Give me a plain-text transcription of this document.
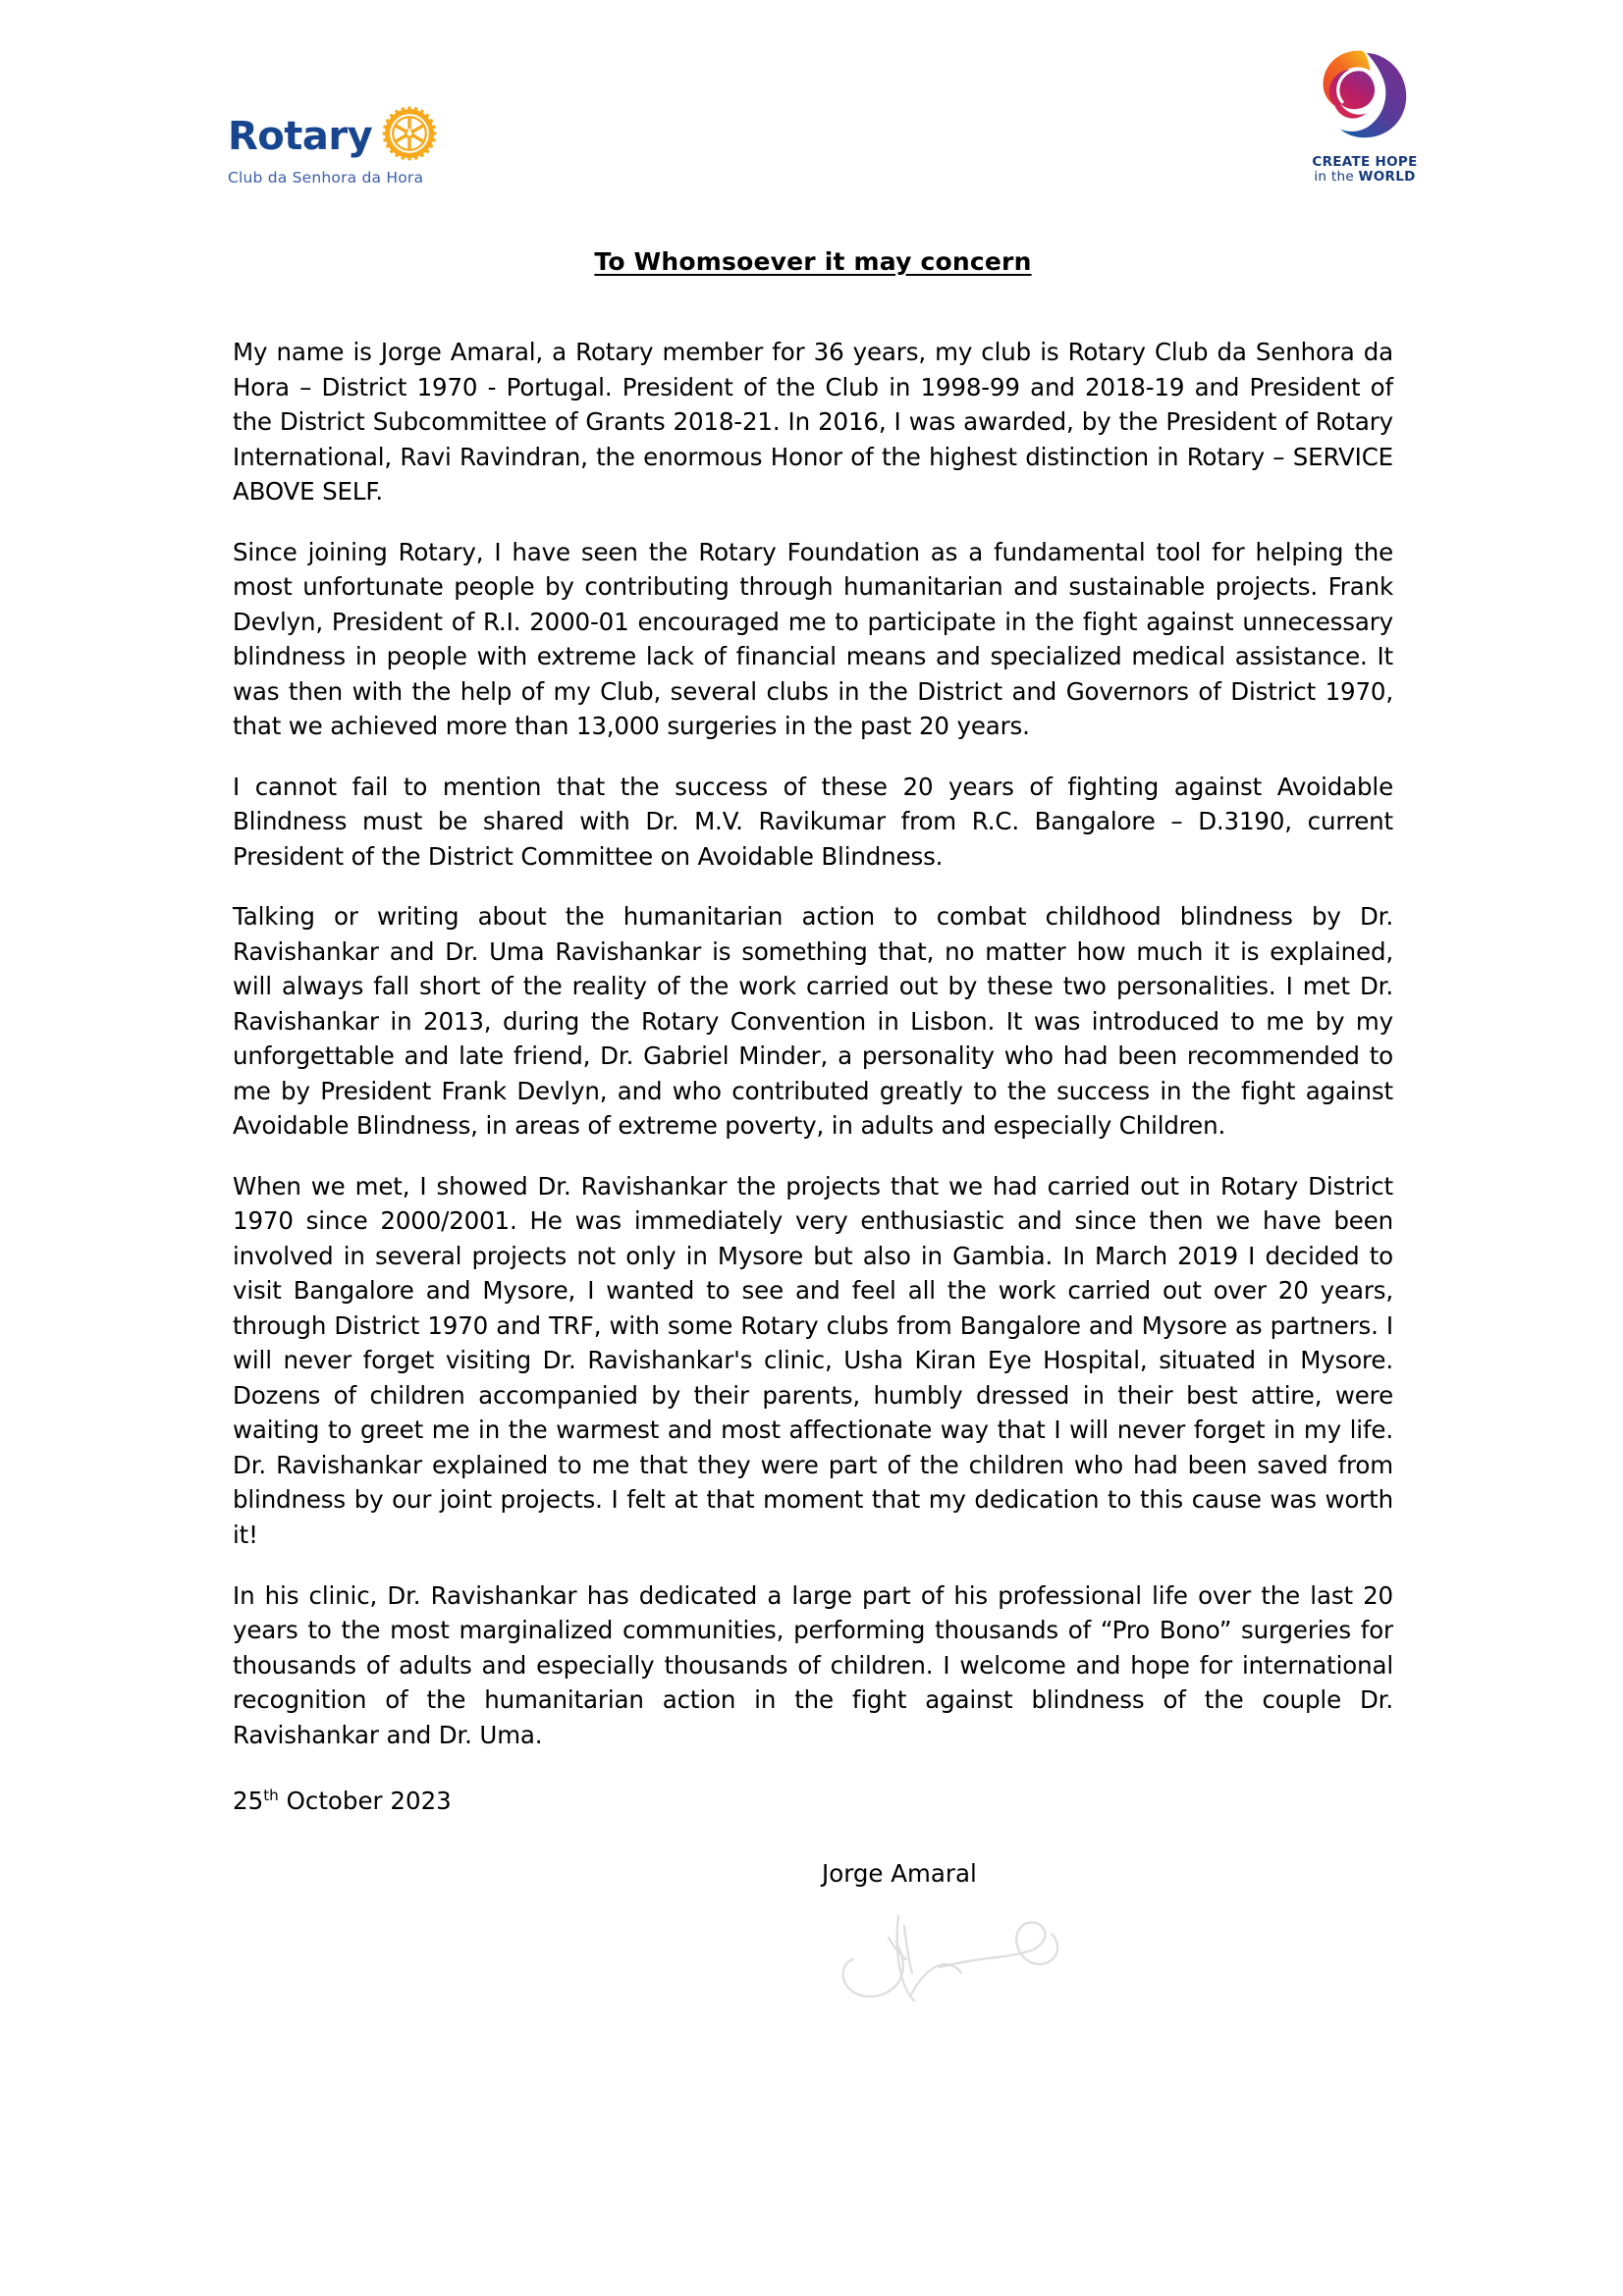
Rotary
Club da Senhora da Hora
CREATE HOPE
in the WORLD
To Whomsoever it may concern

My name is Jorge Amaral, a Rotary member for 36 years, my club is Rotary Club da Senhora da Hora – District 1970 - Portugal. President of the Club in 1998-99 and 2018-19 and President of the District Subcommittee of Grants 2018-21. In 2016, I was awarded, by the President of Rotary International, Ravi Ravindran, the enormous Honor of the highest distinction in Rotary – SERVICE ABOVE SELF.

Since joining Rotary, I have seen the Rotary Foundation as a fundamental tool for helping the most unfortunate people by contributing through humanitarian and sustainable projects. Frank Devlyn, President of R.I. 2000-01 encouraged me to participate in the fight against unnecessary blindness in people with extreme lack of financial means and specialized medical assistance. It was then with the help of my Club, several clubs in the District and Governors of District 1970, that we achieved more than 13,000 surgeries in the past 20 years.

I cannot fail to mention that the success of these 20 years of fighting against Avoidable Blindness must be shared with Dr. M.V. Ravikumar from R.C. Bangalore – D.3190, current President of the District Committee on Avoidable Blindness.

Talking or writing about the humanitarian action to combat childhood blindness by Dr. Ravishankar and Dr. Uma Ravishankar is something that, no matter how much it is explained, will always fall short of the reality of the work carried out by these two personalities. I met Dr. Ravishankar in 2013, during the Rotary Convention in Lisbon. It was introduced to me by my unforgettable and late friend, Dr. Gabriel Minder, a personality who had been recommended to me by President Frank Devlyn, and who contributed greatly to the success in the fight against Avoidable Blindness, in areas of extreme poverty, in adults and especially Children.

When we met, I showed Dr. Ravishankar the projects that we had carried out in Rotary District 1970 since 2000/2001. He was immediately very enthusiastic and since then we have been involved in several projects not only in Mysore but also in Gambia. In March 2019 I decided to visit Bangalore and Mysore, I wanted to see and feel all the work carried out over 20 years, through District 1970 and TRF, with some Rotary clubs from Bangalore and Mysore as partners. I will never forget visiting Dr. Ravishankar's clinic, Usha Kiran Eye Hospital, situated in Mysore. Dozens of children accompanied by their parents, humbly dressed in their best attire, were waiting to greet me in the warmest and most affectionate way that I will never forget in my life. Dr. Ravishankar explained to me that they were part of the children who had been saved from blindness by our joint projects. I felt at that moment that my dedication to this cause was worth it!

In his clinic, Dr. Ravishankar has dedicated a large part of his professional life over the last 20 years to the most marginalized communities, performing thousands of “Pro Bono” surgeries for thousands of adults and especially thousands of children. I welcome and hope for international recognition of the humanitarian action in the fight against blindness of the couple Dr. Ravishankar and Dr. Uma.

25th October 2023
Jorge Amaral
